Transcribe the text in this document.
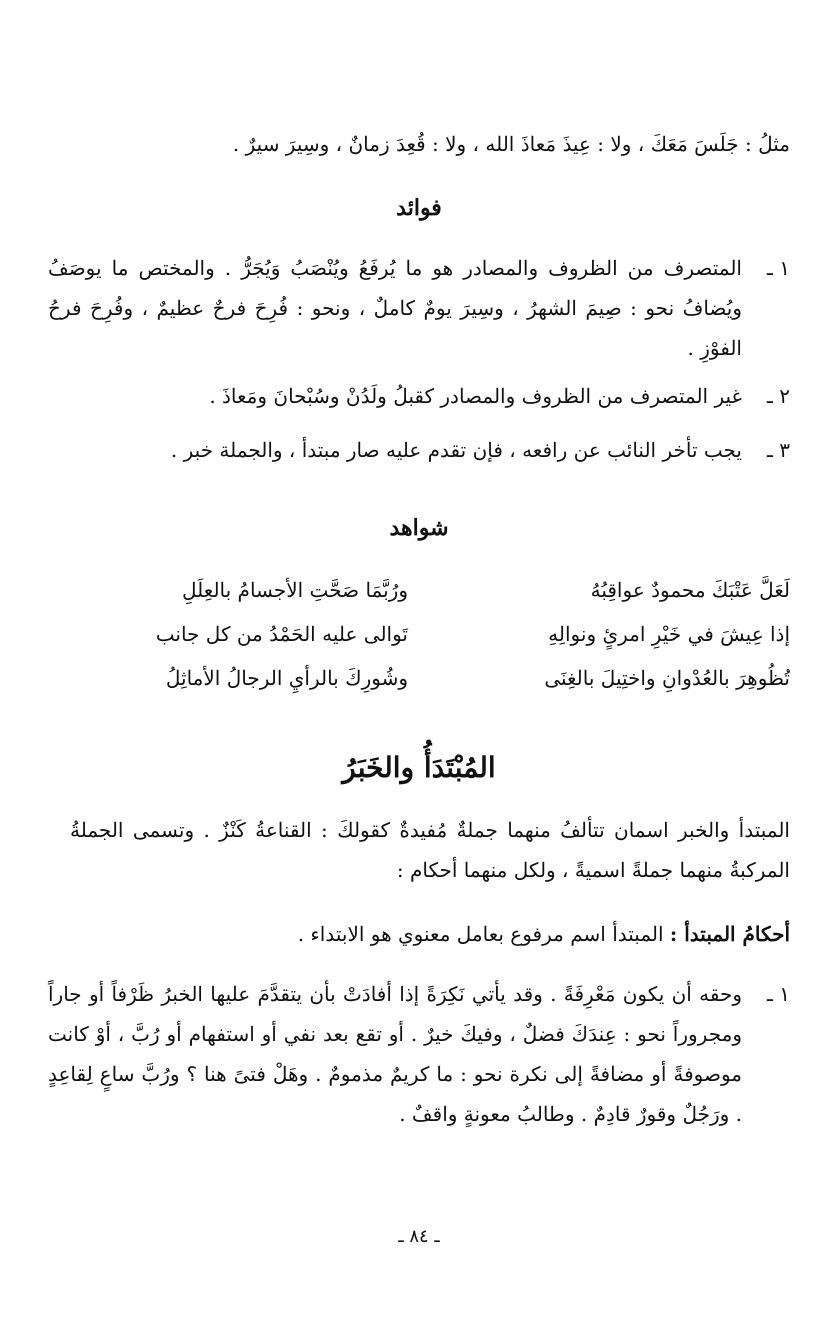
مثلُ : جَلَسَ مَعَكَ ، ولا : عِيذَ مَعاذَ الله ، ولا : قُعِدَ زمانٌ ، وسِيرَ سيرٌ .
فوائد
١ ـ
المتصرف من الظروف والمصادر هو ما يُرفَعُ ويُنْصَبُ وَيُجَرُّ . والمختص ما يوصَفُ ويُضافُ نحو : صِيمَ الشهرُ ، وسِيرَ يومٌ كاملٌ ، ونحو : فُرِحَ فرحٌ عظيمٌ ، وفُرِحَ فرحُ الفوْزِ .
٢ ـ
غير المتصرف من الظروف والمصادر كقبلُ ولَدُنْ وسُبْحانَ ومَعاذَ .
٣ ـ
يجب تأخر النائب عن رافعه ، فإن تقدم عليه صار مبتدأ ، والجملة خبر .
شواهد
لَعَلَّ عَتْبَكَ محمودٌ عواقِبُهُ
ورُبَّمَا صَحَّتِ الأجسامُ بالعِلَلِ
إذا عِيشَ في خَيْرِ امرئٍ ونوالِهِ
تَوالى عليه الحَمْدُ من كل جانب
تُظُوهِرَ بالعُدْوانِ واختِيلَ بالغِنَى
وشُورِكَ بالرأيِ الرجالُ الأماثِلُ
المُبْتَدَأُ والخَبَرُ
المبتدأ والخبر اسمان تتألفُ منهما جملةٌ مُفيدةٌ كقولكَ : القناعةُ كَنْزٌ . وتسمى الجملةُ المركبةُ منهما جملةً اسميةً ، ولكل منهما أحكام :
أحكامُ المبتدأ : المبتدأ اسم مرفوع بعامل معنوي هو الابتداء .
١ ـ
وحقه أن يكون مَعْرِفَةً . وقد يأتي نَكِرَةً إذا أفادَتْ بأن يتقدَّمَ عليها الخبرُ ظَرْفاً أو جاراً ومجروراً نحو : عِندَكَ فضلٌ ، وفيكَ خيرٌ . أو تقع بعد نفي أو استفهام أو رُبَّ ، أوْ كانت موصوفةً أو مضافةً إلى نكرة نحو : ما كريمٌ مذمومٌ . وهَلْ فتىً هنا ؟ ورُبَّ ساعٍ لِقاعِدٍ . ورَجُلٌ وقورٌ قادِمٌ . وطالبُ معونةٍ واقفٌ .
ـ ٨٤ ـ
